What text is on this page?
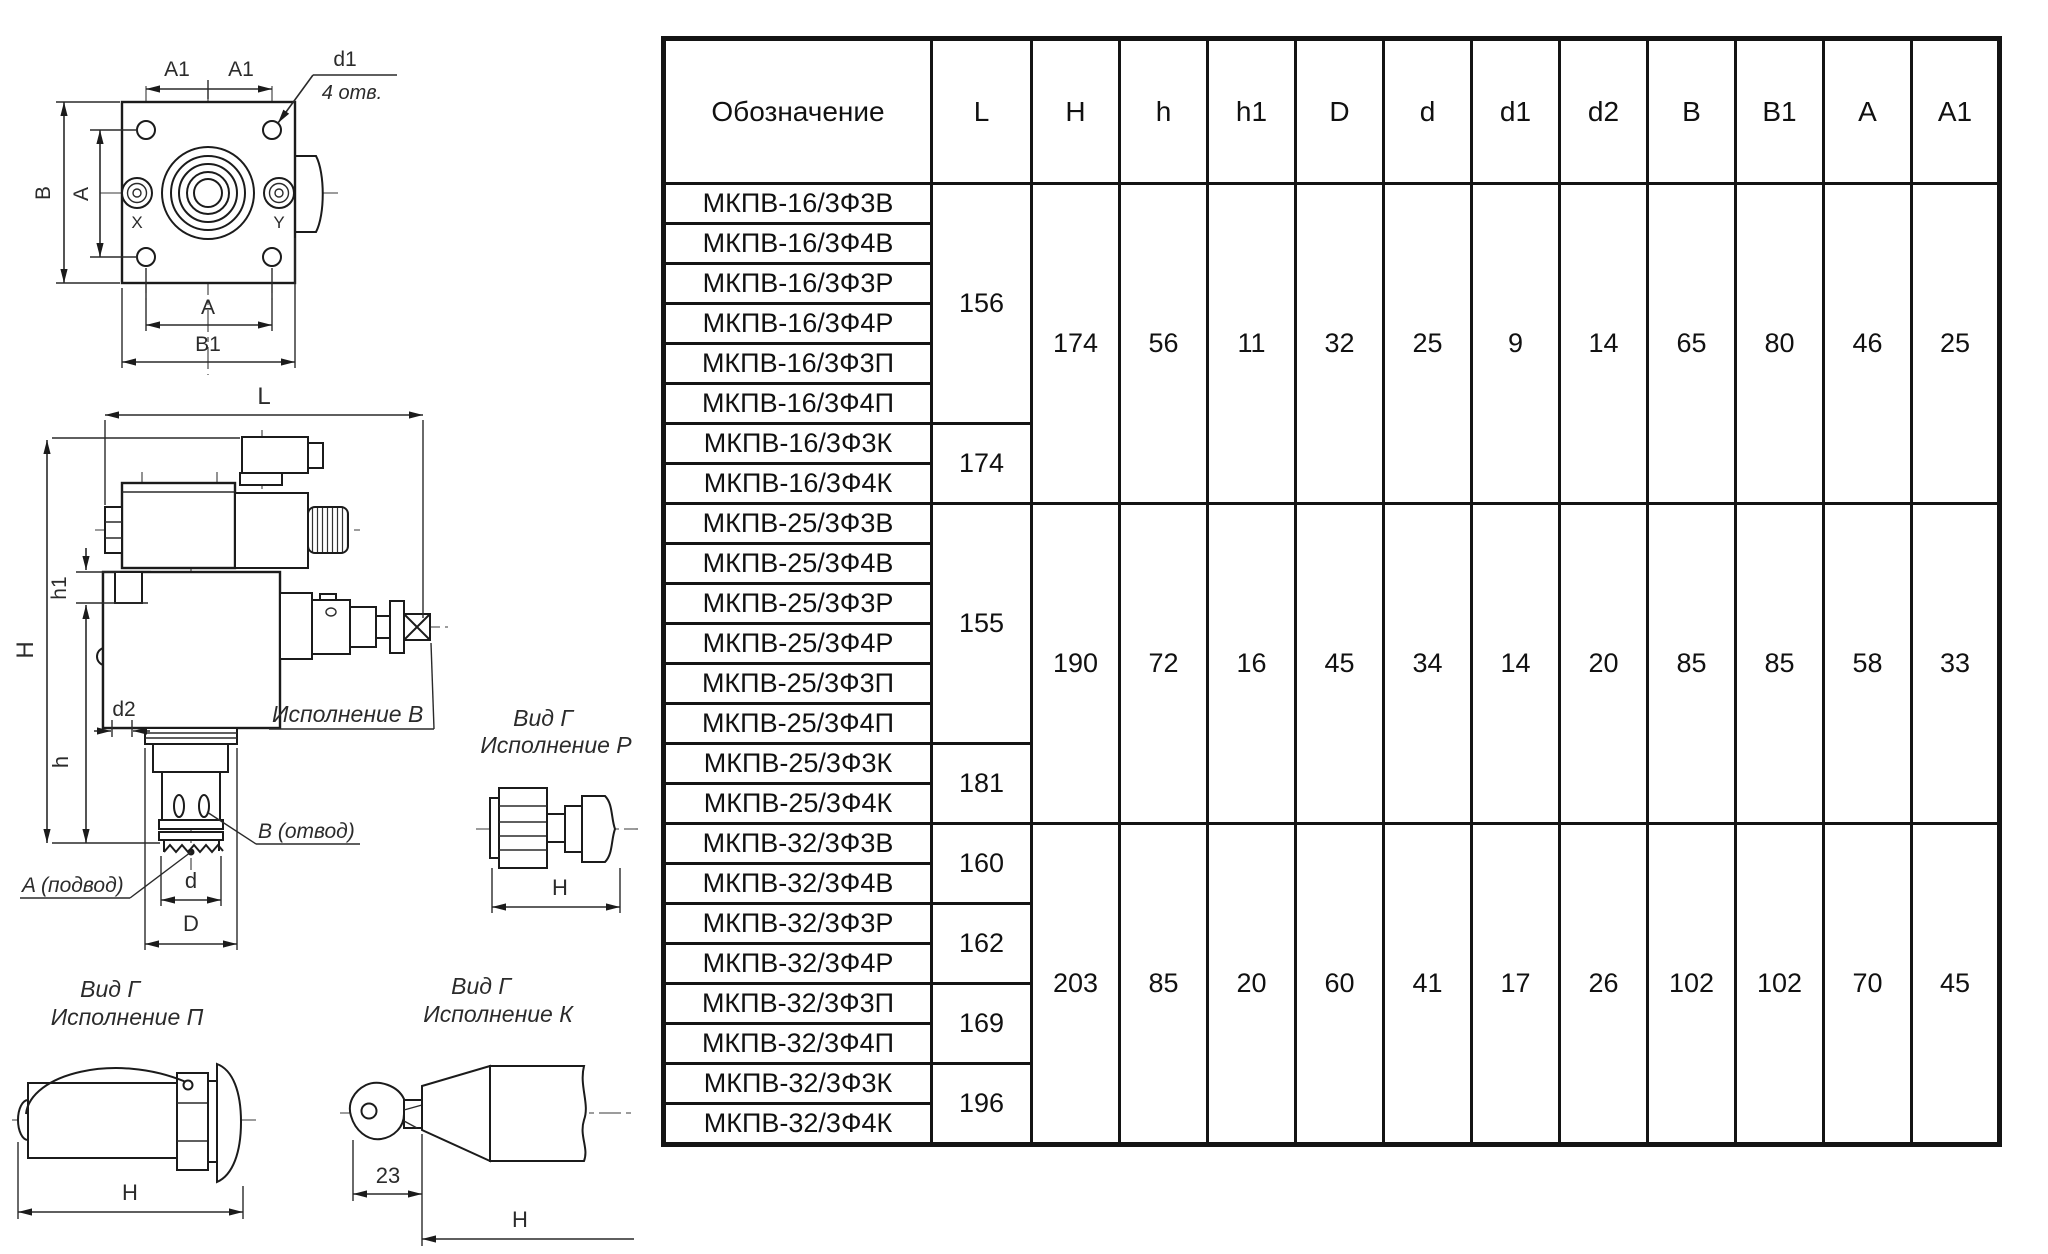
X	Y
A1 A1	d1
4 отв.
B A
A
B1
L
H
h1
h
d2
B (отвод)
A (подвод)	d
D
Исполнение В	Вид Г
Исполнение Р
H
Вид Г
Исполнение П
H
Вид Г
Исполнение К
23
H
Обозначение	L	H	h	h1	D	d	d1	d2	B	B1	A	A1
МКПВ-16/3Ф3В	156	174	56	11	32	25	9	14	65	80	46	25
МКПВ-16/3Ф4В												
МКПВ-16/3Ф3Р												
МКПВ-16/3Ф4Р												
МКПВ-16/3Ф3П												
МКПВ-16/3Ф4П												
МКПВ-16/3Ф3К	174											
МКПВ-16/3Ф4К												
МКПВ-25/3Ф3В	155	190	72	16	45	34	14	20	85	85	58	33
МКПВ-25/3Ф4В												
МКПВ-25/3Ф3Р												
МКПВ-25/3Ф4Р												
МКПВ-25/3Ф3П												
МКПВ-25/3Ф4П												
МКПВ-25/3Ф3К	181											
МКПВ-25/3Ф4К												
МКПВ-32/3Ф3В	160	203	85	20	60	41	17	26	102	102	70	45
МКПВ-32/3Ф4В												
МКПВ-32/3Ф3Р	162											
МКПВ-32/3Ф4Р												
МКПВ-32/3Ф3П	169											
МКПВ-32/3Ф4П												
МКПВ-32/3Ф3К	196											
МКПВ-32/3Ф4К												
